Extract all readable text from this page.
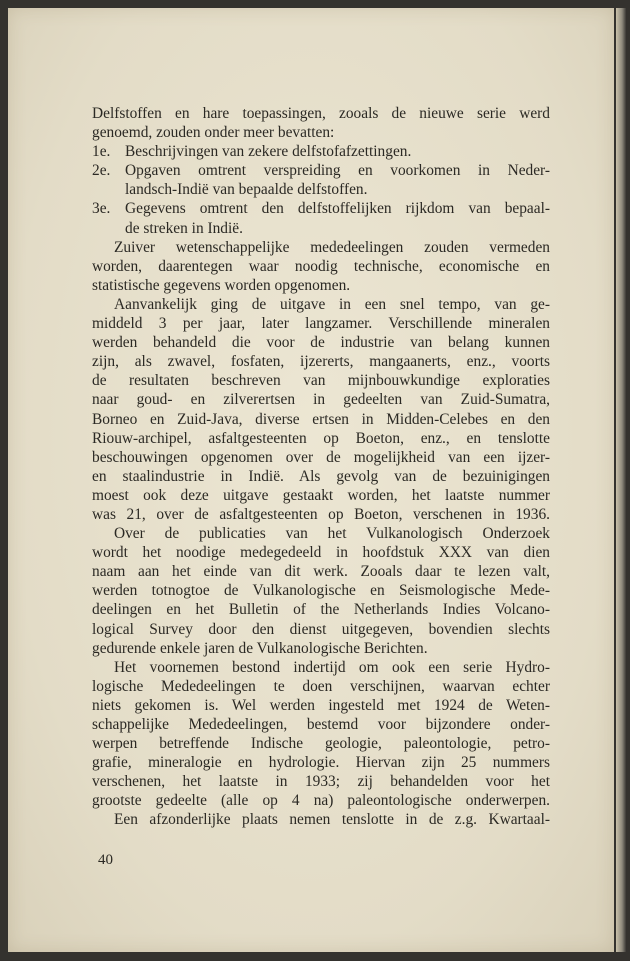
Delfstoffen en hare toepassingen, zooals de nieuwe serie werd
genoemd, zouden onder meer bevatten:
1e. Beschrijvingen van zekere delfstofafzettingen.
2e. Opgaven omtrent verspreiding en voorkomen in Neder-
landsch-Indië van bepaalde delfstoffen.
3e. Gegevens omtrent den delfstoffelijken rijkdom van bepaal-
de streken in Indië.
Zuiver wetenschappelijke mededeelingen zouden vermeden
worden, daarentegen waar noodig technische, economische en
statistische gegevens worden opgenomen.
Aanvankelijk ging de uitgave in een snel tempo, van ge-
middeld 3 per jaar, later langzamer. Verschillende mineralen
werden behandeld die voor de industrie van belang kunnen
zijn, als zwavel, fosfaten, ijzererts, mangaanerts, enz., voorts
de resultaten beschreven van mijnbouwkundige exploraties
naar goud- en zilverertsen in gedeelten van Zuid-Sumatra,
Borneo en Zuid-Java, diverse ertsen in Midden-Celebes en den
Riouw-archipel, asfaltgesteenten op Boeton, enz., en tenslotte
beschouwingen opgenomen over de mogelijkheid van een ijzer-
en staalindustrie in Indië. Als gevolg van de bezuinigingen
moest ook deze uitgave gestaakt worden, het laatste nummer
was 21, over de asfaltgesteenten op Boeton, verschenen in 1936.
Over de publicaties van het Vulkanologisch Onderzoek
wordt het noodige medegedeeld in hoofdstuk XXX van dien
naam aan het einde van dit werk. Zooals daar te lezen valt,
werden totnogtoe de Vulkanologische en Seismologische Mede-
deelingen en het Bulletin of the Netherlands Indies Volcano-
logical Survey door den dienst uitgegeven, bovendien slechts
gedurende enkele jaren de Vulkanologische Berichten.
Het voornemen bestond indertijd om ook een serie Hydro-
logische Mededeelingen te doen verschijnen, waarvan echter
niets gekomen is. Wel werden ingesteld met 1924 de Weten-
schappelijke Mededeelingen, bestemd voor bijzondere onder-
werpen betreffende Indische geologie, paleontologie, petro-
grafie, mineralogie en hydrologie. Hiervan zijn 25 nummers
verschenen, het laatste in 1933; zij behandelden voor het
grootste gedeelte (alle op 4 na) paleontologische onderwerpen.
Een afzonderlijke plaats nemen tenslotte in de z.g. Kwartaal-
40
